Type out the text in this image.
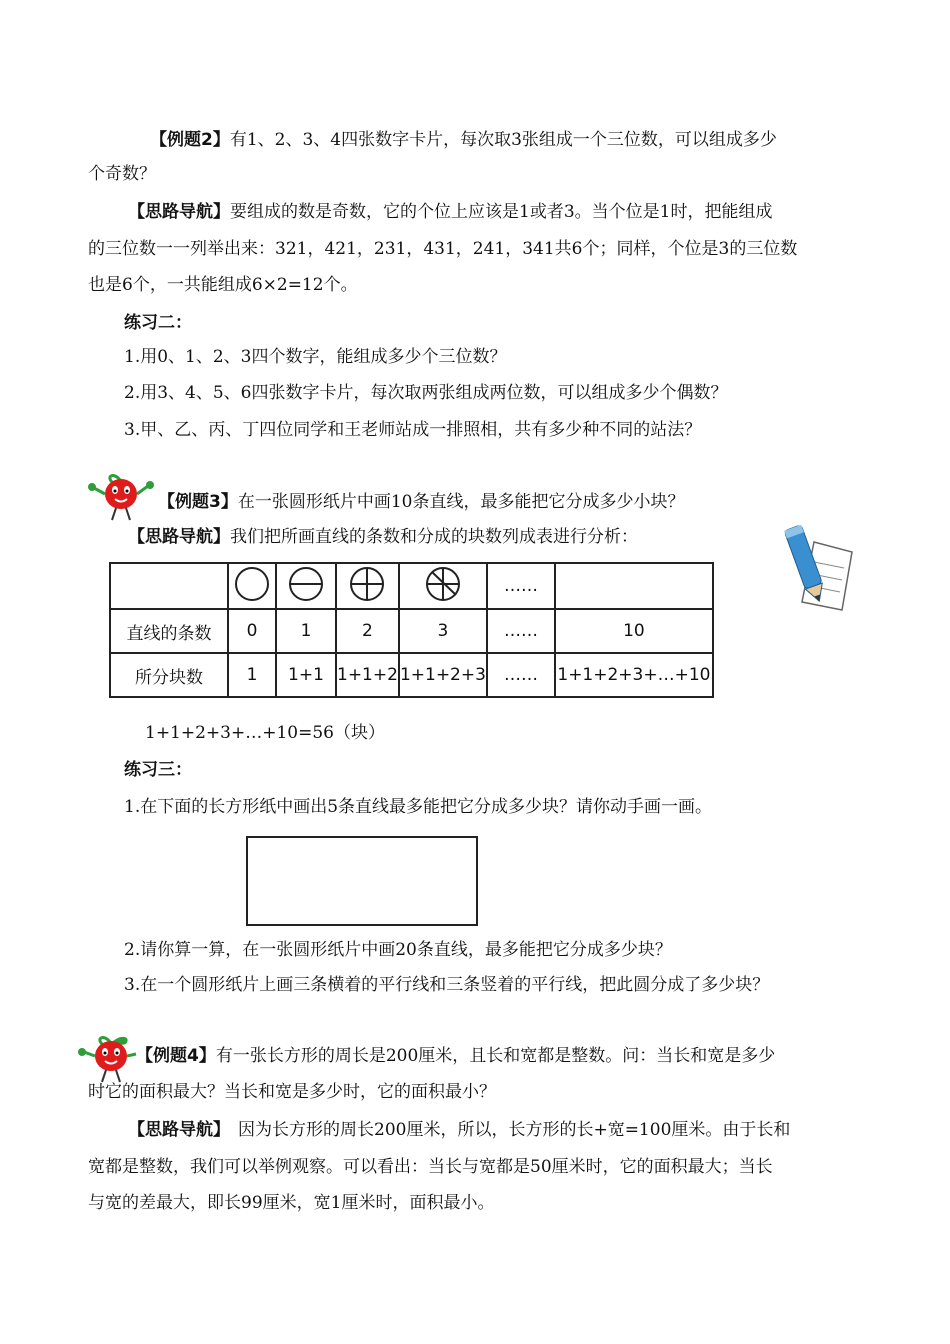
【例题2】有1、2、3、4四张数字卡片，每次取3张组成一个三位数，可以组成多少
个奇数？
【思路导航】要组成的数是奇数，它的个位上应该是1或者3。当个位是1时，把能组成
的三位数一一列举出来：321，421，231，431，241，341共6个；同样，个位是3的三位数
也是6个，一共能组成6×2=12个。
练习二：
1.用0、1、2、3四个数字，能组成多少个三位数？
2.用3、4、5、6四张数字卡片，每次取两张组成两位数，可以组成多少个偶数？
3.甲、乙、丙、丁四位同学和王老师站成一排照相，共有多少种不同的站法？
【例题3】在一张圆形纸片中画10条直线，最多能把它分成多少小块？
【思路导航】我们把所画直线的条数和分成的块数列成表进行分析：
					……	
直线的条数	0	1	2	3	……	10
所分块数	1	1+1	1+1+2	1+1+2+3	……	1+1+2+3+…+10
1+1+2+3+…+10=56（块）
练习三：
1.在下面的长方形纸中画出5条直线最多能把它分成多少块？请你动手画一画。
2.请你算一算，在一张圆形纸片中画20条直线，最多能把它分成多少块？
3.在一个圆形纸片上画三条横着的平行线和三条竖着的平行线，把此圆分成了多少块？
【例题4】有一张长方形的周长是200厘米，且长和宽都是整数。问：当长和宽是多少
时它的面积最大？当长和宽是多少时，它的面积最小？
【思路导航】 因为长方形的周长200厘米，所以，长方形的长+宽=100厘米。由于长和
宽都是整数，我们可以举例观察。可以看出：当长与宽都是50厘米时，它的面积最大；当长
与宽的差最大，即长99厘米，宽1厘米时，面积最小。
